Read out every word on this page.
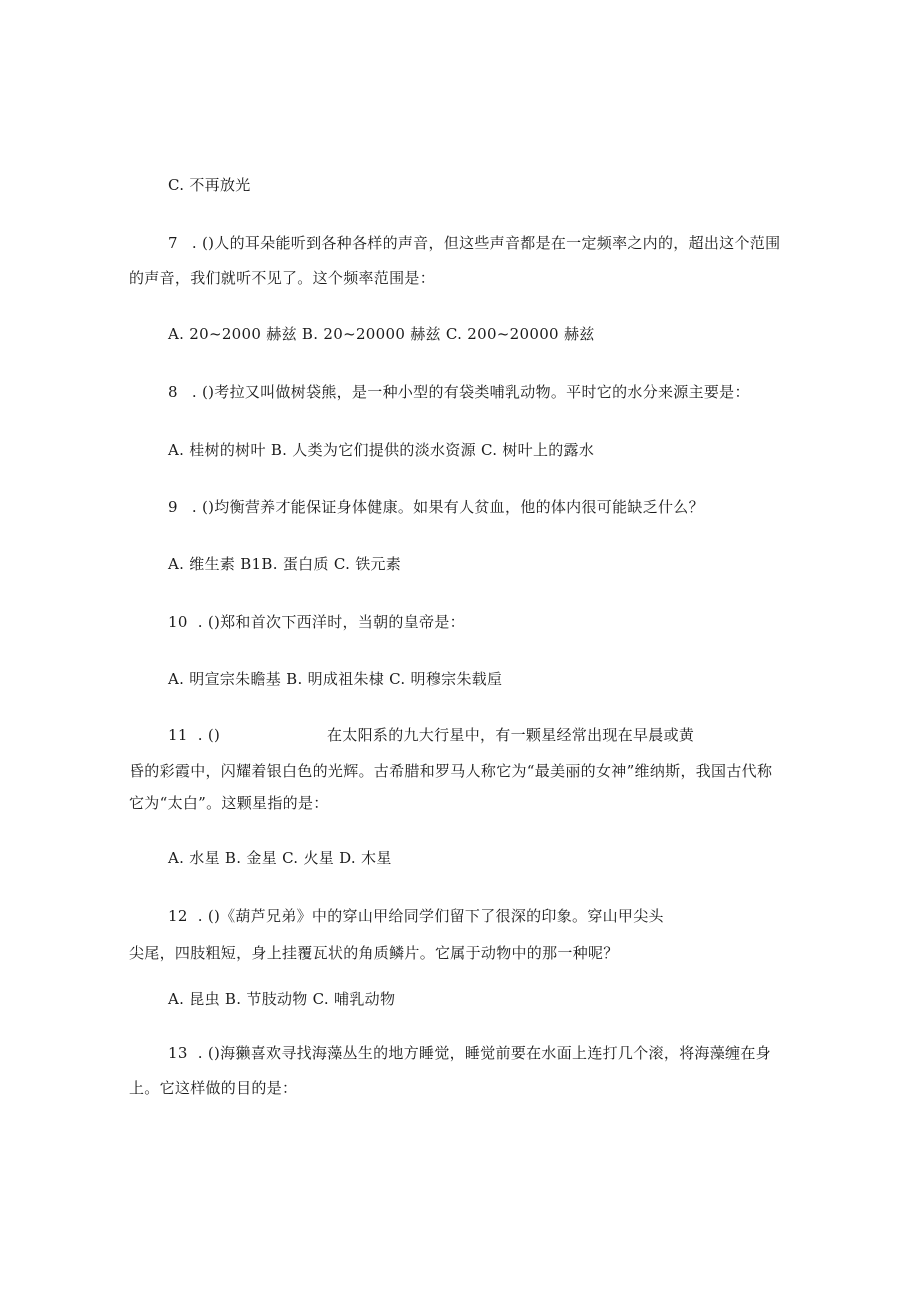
C. 不再放光
7 . ()人的耳朵能听到各种各样的声音，但这些声音都是在一定频率之内的，超出这个范围
的声音，我们就听不见了。这个频率范围是：
A. 20~2000 赫兹 B. 20~20000 赫兹 C. 200~20000 赫兹
8 . ()考拉又叫做树袋熊，是一种小型的有袋类哺乳动物。平时它的水分来源主要是：
A. 桂树的树叶 B. 人类为它们提供的淡水资源 C. 树叶上的露水
9 . ()均衡营养才能保证身体健康。如果有人贫血，他的体内很可能缺乏什么？
A. 维生素 B1B. 蛋白质 C. 铁元素
10 . ()郑和首次下西洋时，当朝的皇帝是：
A. 明宣宗朱瞻基 B. 明成祖朱棣 C. 明穆宗朱载垕
11 . ()	在太阳系的九大行星中，有一颗星经常出现在早晨或黄
昏的彩霞中，闪耀着银白色的光辉。古希腊和罗马人称它为“最美丽的女神”维纳斯，我国古代称
它为“太白”。这颗星指的是：
A. 水星 B. 金星 C. 火星 D. 木星
12 . ()《葫芦兄弟》中的穿山甲给同学们留下了很深的印象。穿山甲尖头
尖尾，四肢粗短，身上挂覆瓦状的角质鳞片。它属于动物中的那一种呢？
A. 昆虫 B. 节肢动物 C. 哺乳动物
13 . ()海獭喜欢寻找海藻丛生的地方睡觉，睡觉前要在水面上连打几个滚，将海藻缠在身
上。它这样做的目的是：
